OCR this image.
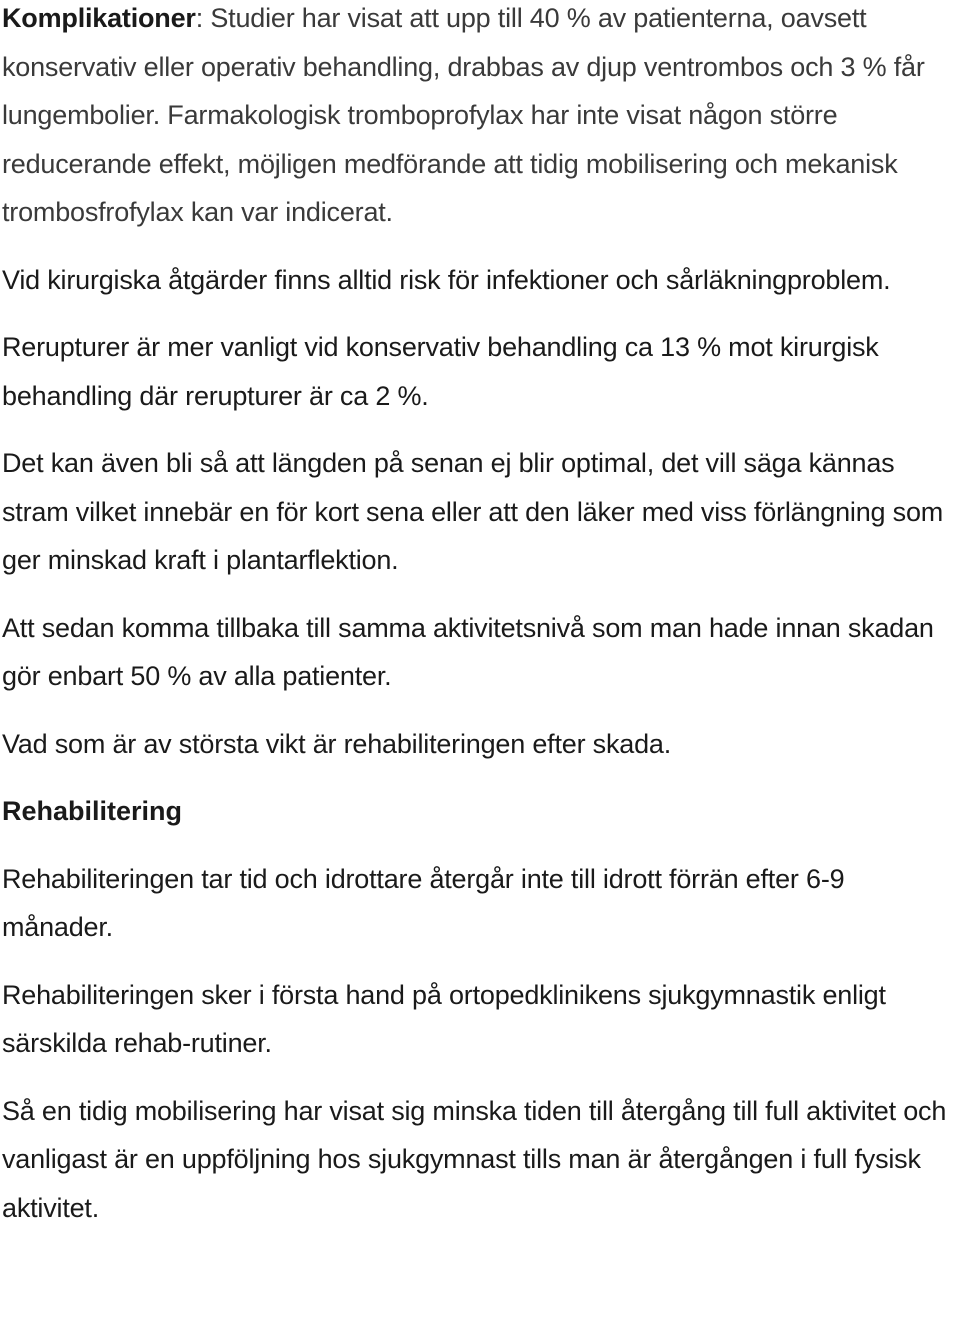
Komplikationer: Studier har visat att upp till 40 % av patienterna, oavsett konservativ eller operativ behandling, drabbas av djup ventrombos och 3 % får lungembolier. Farmakologisk tromboprofylax har inte visat någon större reducerande effekt, möjligen medförande att tidig mobilisering och mekanisk trombosfrofylax kan var indicerat.

Vid kirurgiska åtgärder finns alltid risk för infektioner och sårläkningproblem.

Rerupturer är mer vanligt vid konservativ behandling ca 13 % mot kirurgisk behandling där rerupturer är ca 2 %.

Det kan även bli så att längden på senan ej blir optimal, det vill säga kännas stram vilket innebär en för kort sena eller att den läker med viss förlängning som ger minskad kraft i plantarflektion.

Att sedan komma tillbaka till samma aktivitetsnivå som man hade innan skadan gör enbart 50 % av alla patienter.

Vad som är av största vikt är rehabiliteringen efter skada.

Rehabilitering

Rehabiliteringen tar tid och idrottare återgår inte till idrott förrän efter 6-9 månader.

Rehabiliteringen sker i första hand på ortopedklinikens sjukgymnastik enligt särskilda rehab-rutiner.

Så en tidig mobilisering har visat sig minska tiden till återgång till full aktivitet och vanligast är en uppföljning hos sjukgymnast tills man är återgången i full fysisk aktivitet.
